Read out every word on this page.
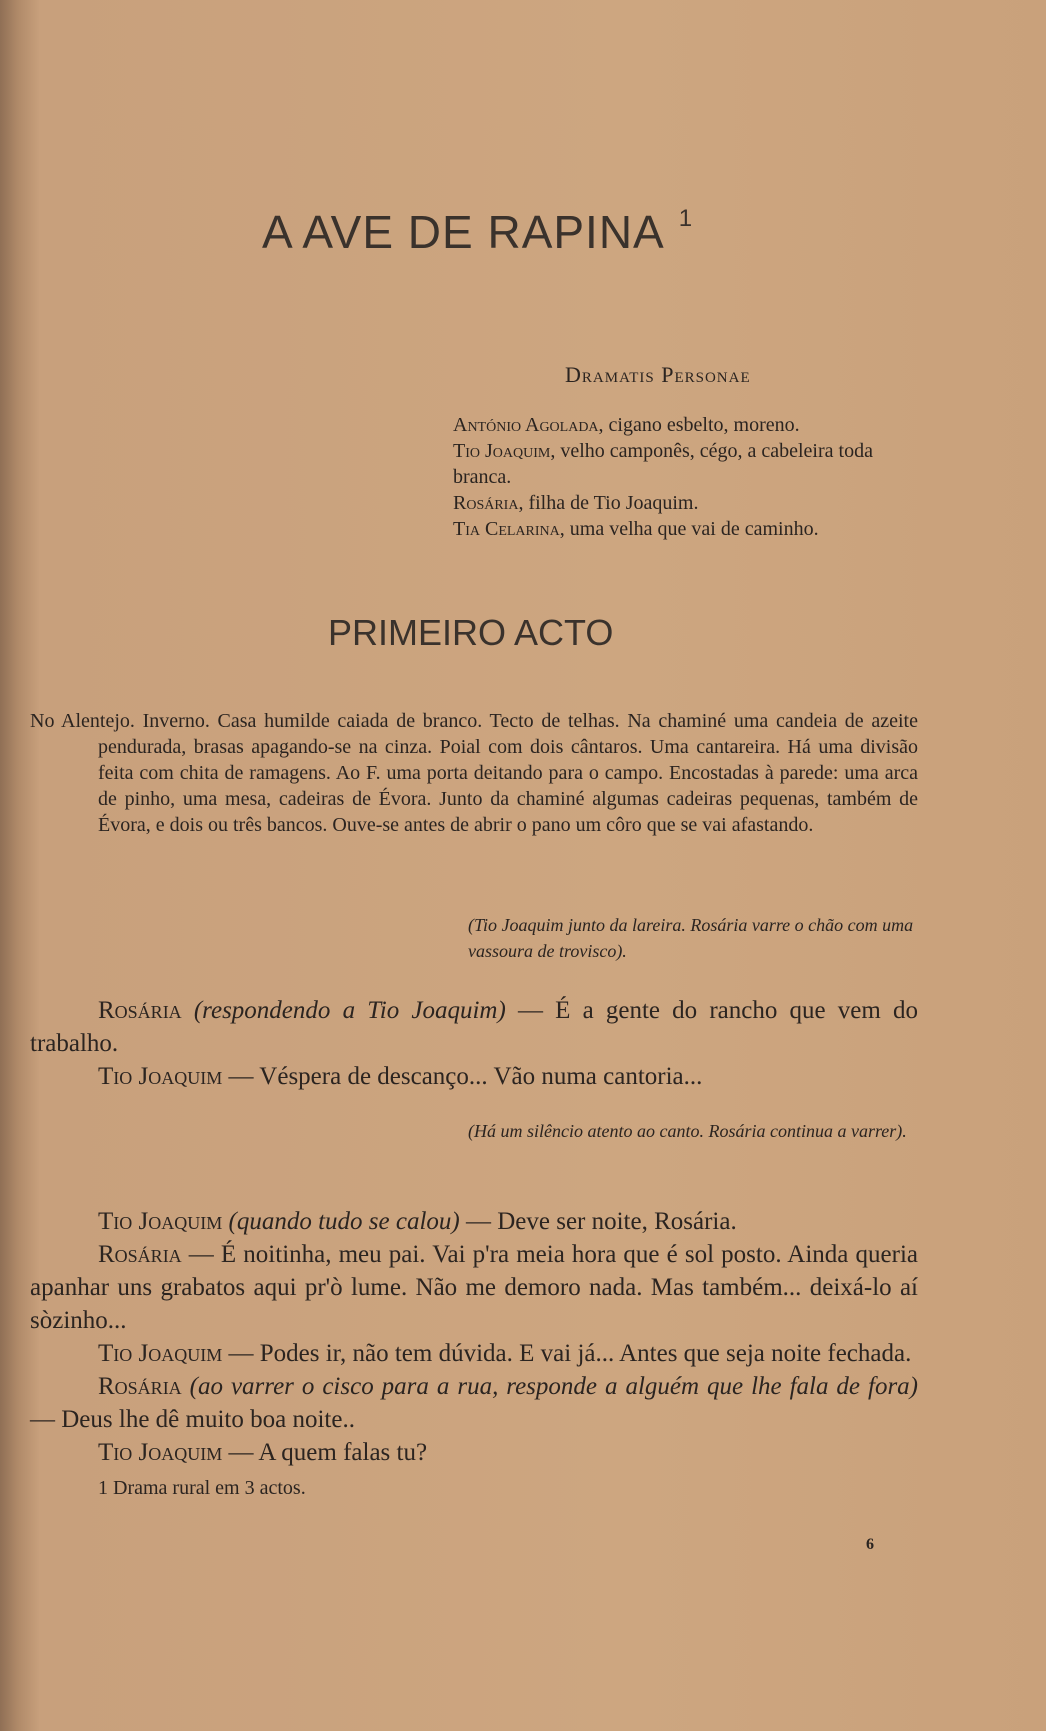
A AVE DE RAPINA $^1$
Dramatis Personae

António Agolada, cigano esbelto, moreno.

Tio Joaquim, velho camponês, cégo, a cabeleira toda branca.

Rosária, filha de Tio Joaquim.

Tia Celarina, uma velha que vai de caminho.

PRIMEIRO ACTO

No Alentejo. Inverno. Casa humilde caiada de branco. Tecto de telhas. Na chaminé uma candeia de azeite pendurada, brasas apagando-se na cinza. Poial com dois cântaros. Uma cantareira. Há uma divisão feita com chita de ramagens. Ao F. uma porta deitando para o campo. Encostadas à parede: uma arca de pinho, uma mesa, cadeiras de Évora. Junto da chaminé algumas cadeiras pequenas, também de Évora, e dois ou três bancos. Ouve-se antes de abrir o pano um côro que se vai afastando.

(Tio Joaquim junto da lareira. Rosária varre o chão com uma vassoura de trovisco).

Rosária (respondendo a Tio Joaquim) — É a gente do rancho que vem do trabalho.

Tio Joaquim — Véspera de descanço... Vão numa cantoria...

(Há um silêncio atento ao canto. Rosária continua a varrer).

Tio Joaquim (quando tudo se calou) — Deve ser noite, Rosária.

Rosária — É noitinha, meu pai. Vai p'ra meia hora que é sol posto. Ainda queria apanhar uns grabatos aqui pr'ò lume. Não me demoro nada. Mas também... deixá-lo aí sòzinho...

Tio Joaquim — Podes ir, não tem dúvida. E vai já... Antes que seja noite fechada.

Rosária (ao varrer o cisco para a rua, responde a alguém que lhe fala de fora) — Deus lhe dê muito boa noite..

Tio Joaquim — A quem falas tu?

1 Drama rural em 3 actos.
6
